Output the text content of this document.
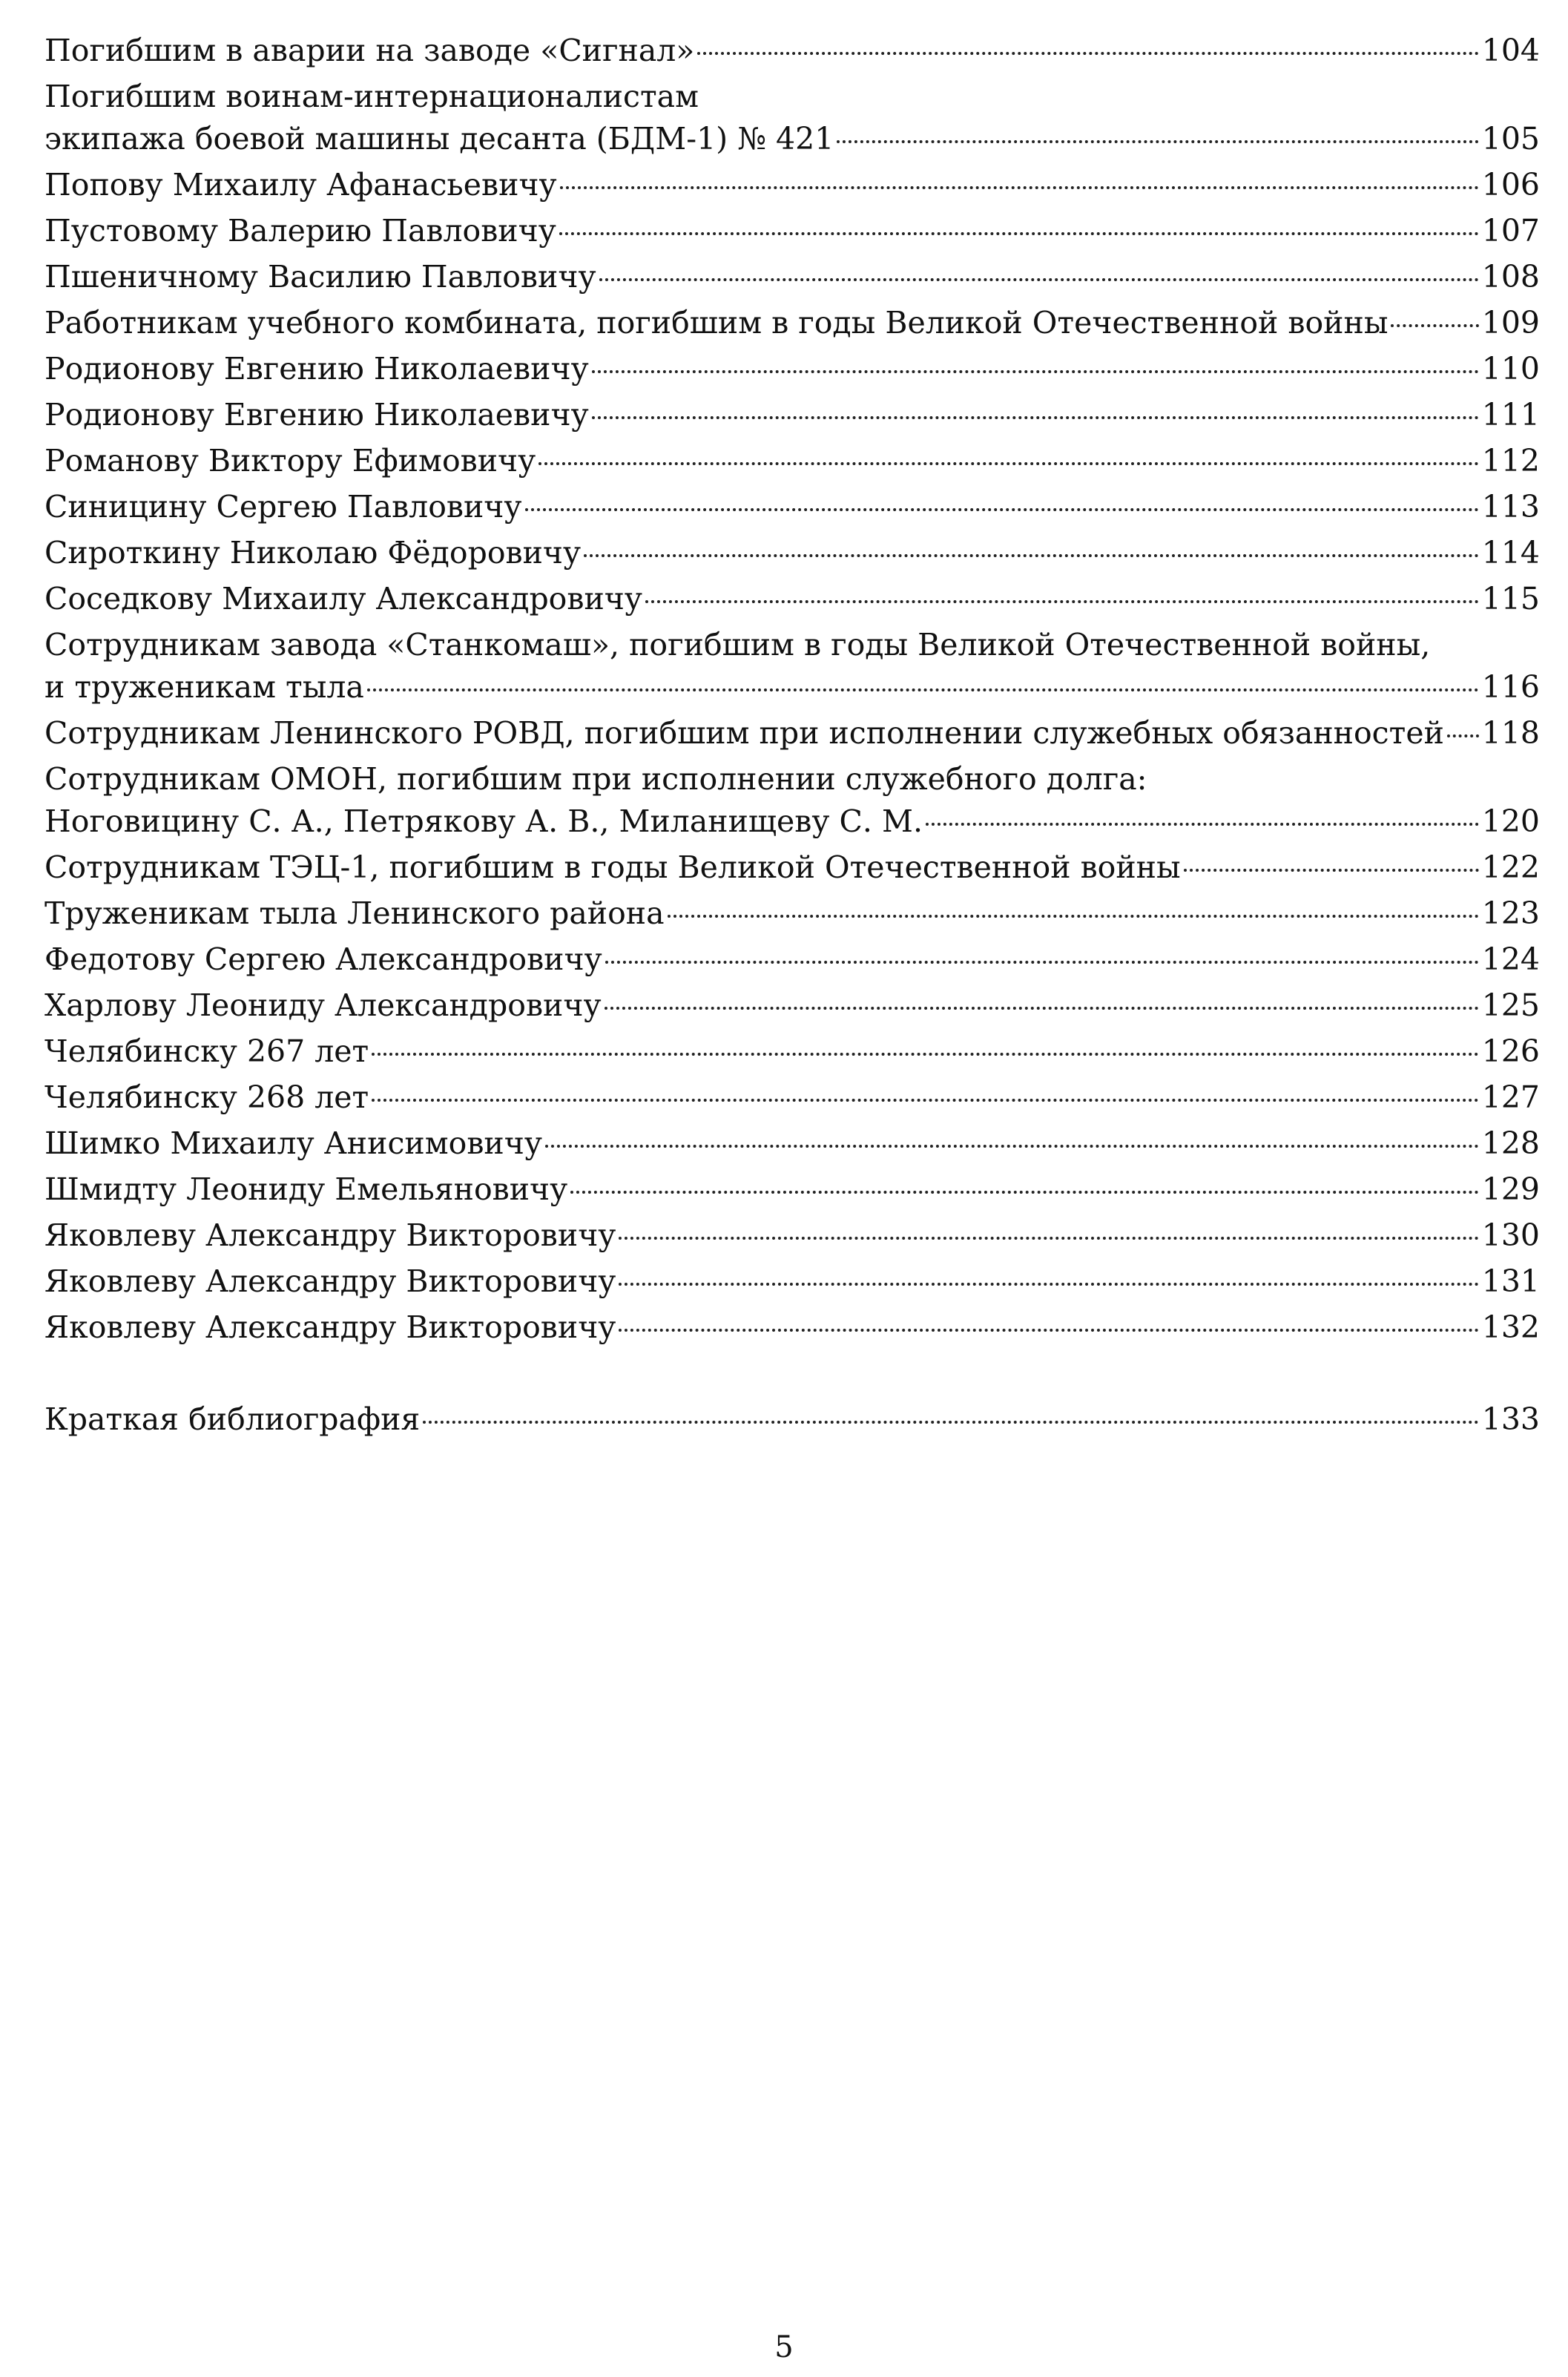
Погибшим в аварии на заводе «Сигнал»	104
Погибшим воинам-интернационалистам
экипажа боевой машины десанта (БДМ-1) № 421	105
Попову Михаилу Афанасьевичу	106
Пустовому Валерию Павловичу	107
Пшеничному Василию Павловичу	108
Работникам учебного комбината, погибшим в годы Великой Отечественной войны	109
Родионову Евгению Николаевичу	110
Родионову Евгению Николаевичу	111
Романову Виктору Ефимовичу	112
Синицину Сергею Павловичу	113
Сироткину Николаю Фёдоровичу	114
Соседкову Михаилу Александровичу	115
Сотрудникам завода «Станкомаш», погибшим в годы Великой Отечественной войны,
и труженикам тыла	116
Сотрудникам Ленинского РОВД, погибшим при исполнении служебных обязанностей 118
Сотрудникам ОМОН, погибшим при исполнении служебного долга:
Ноговицину С. А., Петрякову А. В., Миланищеву С. М.	120
Сотрудникам ТЭЦ-1, погибшим в годы Великой Отечественной войны	122
Труженикам тыла Ленинского района	123
Федотову Сергею Александровичу	124
Харлову Леониду Александровичу	125
Челябинску 267 лет	126
Челябинску 268 лет	127
Шимко Михаилу Анисимовичу	128
Шмидту Леониду Емельяновичу	129
Яковлеву Александру Викторовичу	130
Яковлеву Александру Викторовичу	131
Яковлеву Александру Викторовичу	132
Краткая библиография	133
5
